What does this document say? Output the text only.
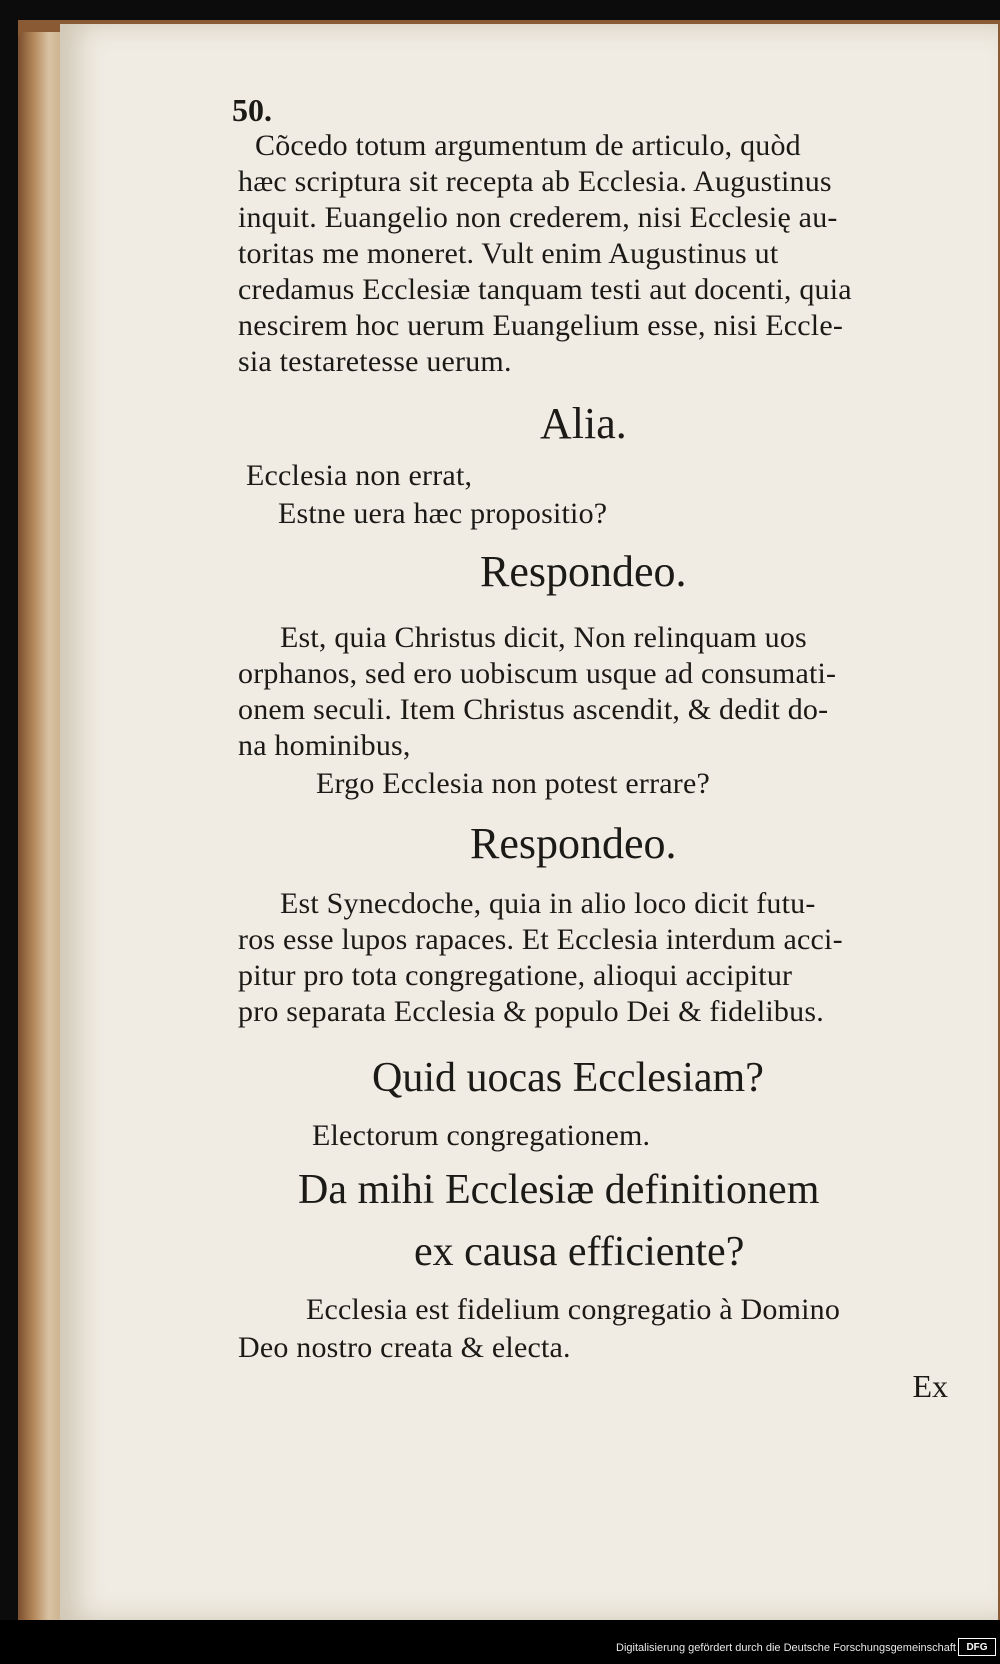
50.
Cõcedo totum argumentum de articulo, quòd
hæc scriptura sit recepta ab Ecclesia. Augustinus
inquit. Euangelio non crederem, nisi Ecclesię au-
toritas me moneret. Vult enim Augustinus ut
credamus Ecclesiæ tanquam testi aut docenti, quia
nescirem hoc uerum Euangelium esse, nisi Eccle-
sia testaretesse uerum.
Alia.
Ecclesia non errat,
Estne uera hæc propositio?
Respondeo.
Est, quia Christus dicit, Non relinquam uos
orphanos, sed ero uobiscum usque ad consumati-
onem seculi. Item Christus ascendit, & dedit do-
na hominibus,
Ergo Ecclesia non potest errare?
Respondeo.
Est Synecdoche, quia in alio loco dicit futu-
ros esse lupos rapaces. Et Ecclesia interdum acci-
pitur pro tota congregatione, alioqui accipitur
pro separata Ecclesia & populo Dei & fidelibus.
Quid uocas Ecclesiam?
Electorum congregationem.
Da mihi Ecclesiæ definitionem
ex causa efficiente?
Ecclesia est fidelium congregatio à Domino
Deo nostro creata & electa.
Ex
Digitalisierung gefördert durch die Deutsche Forschungsgemeinschaft	DFG
